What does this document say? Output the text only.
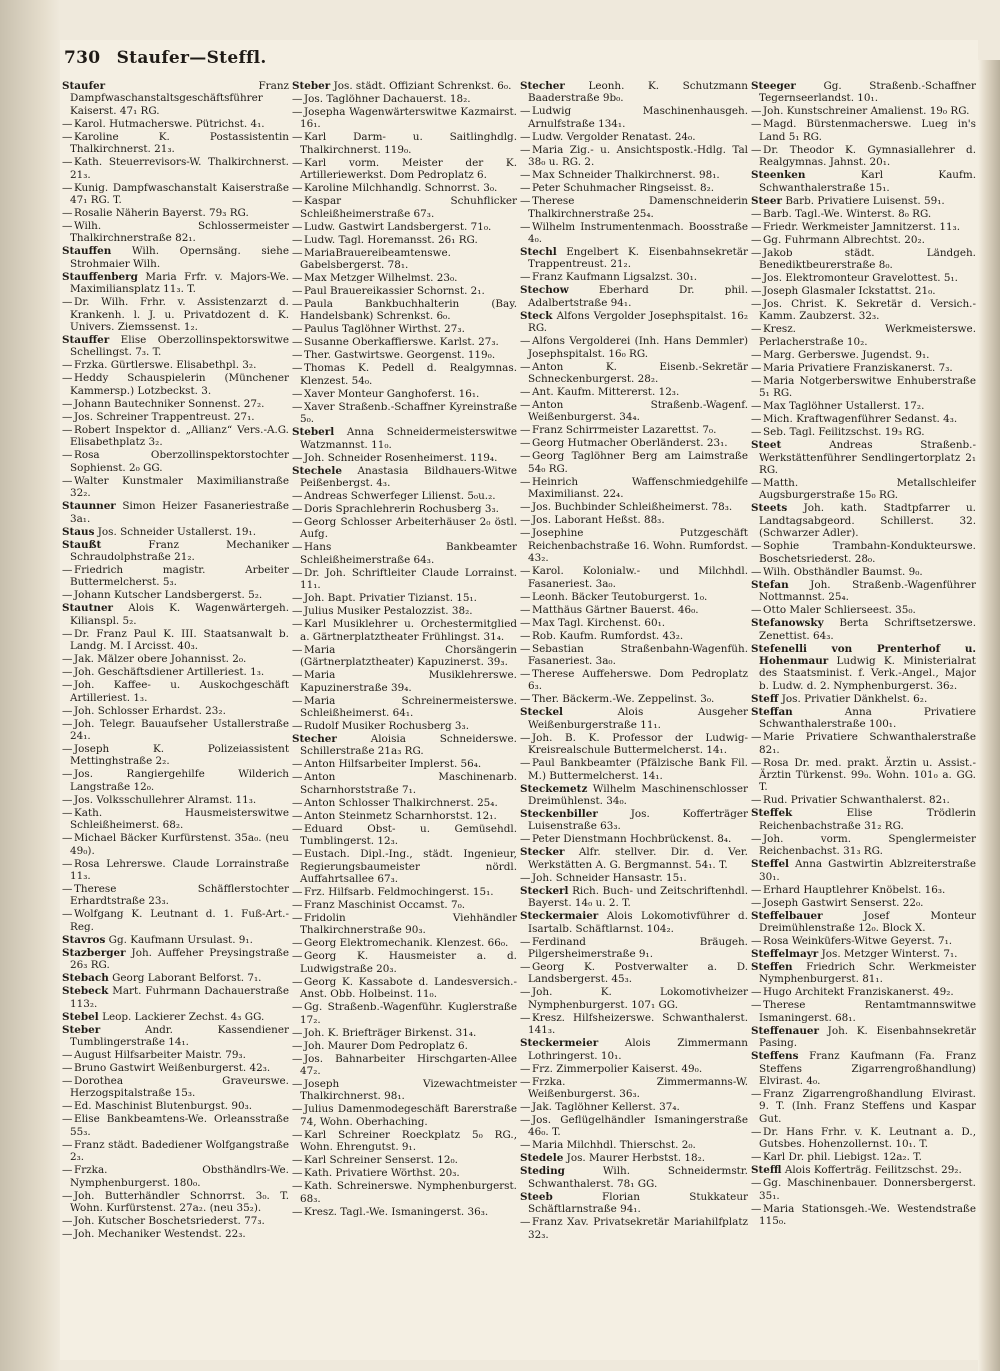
730 Staufer—Steffl.
Staufer	Franz Dampfwaschanstaltsgeschäftsführer Kaiserst. 47₁ RG.
— Karol. Hutmacherswe. Pütrichst. 4₁.
— Karoline K. Postassistentin Thalkirchnerst. 21₃.
— Kath. Steuerrevisors-W. Thalkirchnerst. 21₃.
— Kunig. Dampfwaschanstalt Kaiserstraße 47₁ RG. T.
— Rosalie Näherin Bayerst. 79₃ RG.
— Wilh. Schlossermeister Thalkirchnerstraße 82₁.
Stauffen Wilh. Opernsäng. siehe Strohmaier Wilh.
Stauffenberg Maria Frfr. v. Majors-We. Maximiliansplatz 11₃. T.
— Dr. Wilh. Frhr. v. Assistenzarzt d. Krankenh. l. J. u. Privatdozent d. K. Univers. Ziemssenst. 1₂.
Stauffer Elise Oberzollinspektorswitwe Schellingst. 7₃. T.
— Frzka. Gürtlerswe. Elisabethpl. 3₂.
— Heddy Schauspielerin (Münchener Kammersp.) Lotzbeckst. 3.
— Johann Bautechniker Sonnenst. 27₂.
— Jos. Schreiner Trappentreust. 27₁.
— Robert Inspektor d. „Allianz“ Vers.-A.G. Elisabethplatz 3₂.
— Rosa Oberzollinspektorstochter Sophienst. 2₀ GG.
— Walter Kunstmaler Maximilianstraße 32₂.
Staunner Simon Heizer Fasaneriestraße 3a₁.
Staus Jos. Schneider Ustallerst. 19₁.
Staußt	Franz Mechaniker Schraudolphstraße 21₂.
— Friedrich magistr. Arbeiter Buttermelcherst. 5₃.
— Johann Kutscher Landsbergerst. 5₂.
Stautner Alois K. Wagenwärtergeh. Kilianspl. 5₂.
— Dr. Franz Paul K. III. Staatsanwalt b. Landg. M. I Arcisst. 40₃.
— Jak. Mälzer obere Johannisst. 2₀.
— Joh. Geschäftsdiener Artilleriest. 1₃.
— Joh. Kaffee- u. Auskochgeschäft Artilleriest. 1₃.
— Joh. Schlosser Erhardst. 23₂.
— Joh. Telegr. Bauaufseher Ustallerstraße 24₁.
— Joseph K. Polizeiassistent Mettinghstraße 2₂.
— Jos. Rangiergehilfe Wilderich Langstraße 12₀.
— Jos. Volksschullehrer Alramst. 11₃.
— Kath. Hausmeisterswitwe Schleißheimerst. 68₂.
— Michael Bäcker Kurfürstenst. 35a₀. (neu 49₀).
— Rosa Lehrerswe. Claude Lorrainstraße 11₃.
— Therese Schäfflerstochter Erhardtstraße 23₃.
— Wolfgang K. Leutnant d. 1. Fuß-Art.-Reg.
Stavros Gg. Kaufmann Ursulast. 9₁.
Stazberger Joh. Auffeher Preysingstraße 26₃ RG.
Stebach Georg Laborant Belforst. 7₁.
Stebeck Mart. Fuhrmann Dachauerstraße 113₂.
Stebel Leop. Lackierer Zechst. 4₃ GG.
Steber	Andr. Kassendiener Tumblingerstraße 14₁.
— August Hilfsarbeiter Maistr. 79₃.
— Bruno Gastwirt Weißenburgerst. 42₃.
— Dorothea Graveurswe. Herzogspitalstraße 15₃.
— Ed. Maschinist Blutenburgst. 90₃.
— Elise Bankbeamtens-We. Orleansstraße 55₃.
— Franz städt. Badediener Wolfgangstraße 2₃.
— Frzka. Obsthändlrs-We. Nymphenburgerst. 180₀.
— Joh. Butterhändler Schnorrst. 3₀. T. Wohn. Kurfürstenst. 27a₂. (neu 35₂).
— Joh. Kutscher Boschetsriederst. 77₃.
— Joh. Mechaniker Westendst. 22₃.
Steber Jos. städt. Offiziant Schrenkst. 6₀.
— Jos. Taglöhner Dachauerst. 18₂.
— Josepha Wagenwärterswitwe Kazmairst. 16₁.
— Karl Darm- u. Saitlinghdlg. Thalkirchnerst. 119₀.
— Karl vorm. Meister der K. Artilleriewerkst. Dom Pedroplatz 6.
— Karoline Milchhandlg. Schnorrst. 3₀.
— Kaspar Schuhflicker Schleißheimerstraße 67₃.
— Ludw. Gastwirt Landsbergerst. 71₀.
— Ludw. Tagl. Horemansst. 26₁ RG.
— MariaBrauereibeamtenswe. Gabelsbergerst. 78₁.
— Max Metzger Wilhelmst. 23₀.
— Paul Brauereikassier Schornst. 2₁.
— Paula Bankbuchhalterin (Bay. Handelsbank) Schrenkst. 6₀.
— Paulus Taglöhner Wirthst. 27₃.
— Susanne Oberkaffierswe. Karlst. 27₃.
— Ther. Gastwirtswe. Georgenst. 119₀.
— Thomas K. Pedell d. Realgymnas. Klenzest. 54₀.
— Xaver Monteur Ganghoferst. 16₁.
— Xaver Straßenb.-Schaffner Kyreinstraße 5₀.
Steberl Anna Schneidermeisterswitwe Watzmannst. 11₀.
— Joh. Schneider Rosenheimerst. 119₄.
Stechele Anastasia Bildhauers-Witwe Peißenbergst. 4₃.
— Andreas Schwerfeger Lilienst. 5₀u.₂.
— Doris Sprachlehrerin Rochusberg 3₃.
— Georg Schlosser Arbeiterhäuser 2₀ östl. Aufg.
— Hans Bankbeamter Schleißheimerstraße 64₃.
— Dr. Joh. Schriftleiter Claude Lorrainst. 11₁.
— Joh. Bapt. Privatier Tizianst. 15₁.
— Julius Musiker Pestalozzist. 38₂.
— Karl Musiklehrer u. Orchestermitglied a. Gärtnerplatztheater Frühlingst. 31₄.
— Maria Chorsängerin (Gärtnerplatztheater) Kapuzinerst. 39₃.
— Maria Musiklehrerswe. Kapuzinerstraße 39₄.
— Maria Schreinermeisterswe. Schleißheimerst. 64₁.
— Rudolf Musiker Rochusberg 3₃.
Stecher	Aloisia Schneiderswe. Schillerstraße 21a₃ RG.
— Anton Hilfsarbeiter Implerst. 56₄.
— Anton Maschinenarb. Scharnhorststraße 7₁.
— Anton Schlosser Thalkirchnerst. 25₄.
— Anton Steinmetz Scharnhorstst. 12₁.
— Eduard Obst- u. Gemüsehdl. Tumblingerst. 12₃.
— Eustach. Dipl.-Ing., städt. Ingenieur, Regierungsbaumeister nördl. Auffahrtsallee 67₃.
— Frz. Hilfsarb. Feldmochingerst. 15₁.
— Franz Maschinist Occamst. 7₀.
— Fridolin Viehhändler Thalkirchnerstraße 90₃.
— Georg Elektromechanik. Klenzest. 66₀.
— Georg K. Hausmeister a. d. Ludwigstraße 20₃.
— Georg K. Kassabote d. Landesversich.-Anst. Obb. Holbeinst. 11₀.
— Gg. Straßenb.-Wagenführ. Kuglerstraße 17₂.
— Joh. K. Briefträger Birkenst. 31₄.
— Joh. Maurer Dom Pedroplatz 6.
— Jos. Bahnarbeiter Hirschgarten-Allee 47₂.
— Joseph Vizewachtmeister Thalkirchnerst. 98₁.
— Julius Damenmodegeschäft Barerstraße 74, Wohn. Oberhaching.
— Karl Schreiner Roeckplatz 5₀ RG., Wohn. Ehrengutst. 9₁.
— Karl Schreiner Senserst. 12₀.
— Kath. Privatiere Wörthst. 20₃.
— Kath. Schreinerswe. Nymphenburgerst. 68₃.
— Kresz. Tagl.-We. Ismaningerst. 36₃.
Stecher Leonh. K. Schutzmann Baaderstraße 9b₀.
— Ludwig Maschinenhausgeh. Arnulfstraße 134₁.
— Ludw. Vergolder Renatast. 24₀.
— Maria Zig.- u. Ansichtspostk.-Hdlg. Tal 38₀ u. RG. 2.
— Max Schneider Thalkirchnerst. 98₁.
— Peter Schuhmacher Ringseisst. 8₂.
— Therese Damenschneiderin Thalkirchnerstraße 25₄.
— Wilhelm Instrumentenmach. Boosstraße 4₀.
Stechl Engelbert K. Eisenbahnsekretär Trappentreust. 21₂.
— Franz Kaufmann Ligsalzst. 30₁.
Stechow	Eberhard Dr. phil. Adalbertstraße 94₁.
Steck Alfons Vergolder Josephspitalst. 16₂ RG.
— Alfons Vergolderei (Inh. Hans Demmler) Josephspitalst. 16₀ RG.
— Anton K. Eisenb.-Sekretär Schneckenburgerst. 28₂.
— Ant. Kaufm. Mittererst. 12₃.
— Anton Straßenb.-Wagenf. Weißenburgerst. 34₄.
— Franz Schirrmeister Lazarettst. 7₀.
— Georg Hutmacher Oberländerst. 23₁.
— Georg Taglöhner Berg am Laimstraße 54₀ RG.
— Heinrich Waffenschmiedgehilfe Maximilianst. 22₄.
— Jos. Buchbinder Schleißheimerst. 78₃.
— Jos. Laborant Heßst. 88₃.
— Josephine Putzgeschäft Reichenbachstraße 16. Wohn. Rumfordst. 43₂.
— Karol. Kolonialw.- und Milchhdl. Fasaneriest. 3a₀.
— Leonh. Bäcker Teutoburgerst. 1₀.
— Matthäus Gärtner Bauerst. 46₀.
— Max Tagl. Kirchenst. 60₁.
— Rob. Kaufm. Rumfordst. 43₂.
— Sebastian Straßenbahn-Wagenfüh. Fasaneriest. 3a₀.
— Therese Auffeherswe. Dom Pedroplatz 6₃.
— Ther. Bäckerm.-We. Zeppelinst. 3₀.
Steckel	Alois Ausgeher Weißenburgerstraße 11₁.
— Joh. B. K. Professor der Ludwig-Kreisrealschule Buttermelcherst. 14₁.
— Paul Bankbeamter (Pfälzische Bank Fil. M.) Buttermelcherst. 14₁.
Steckemetz Wilhelm Maschinenschlosser Dreimühlenst. 34₀.
Steckenbiller	Jos. Kofferträger Luisenstraße 63₃.
— Peter Dienstmann Hochbrückenst. 8₄.
Stecker Alfr. stellver. Dir. d. Ver. Werkstätten A. G. Bergmannst. 54₁. T.
— Joh. Schneider Hansastr. 15₁.
Steckerl Rich. Buch- und Zeitschriftenhdl. Bayerst. 14₀ u. 2. T.
Steckermaier Alois Lokomotivführer d. Isartalb. Schäftlarnst. 104₂.
— Ferdinand Bräugeh. Pilgersheimerstraße 9₁.
— Georg K. Postverwalter a. D. Landsbergerst. 45₃.
— Joh. K. Lokomotivheizer Nymphenburgerst. 107₁ GG.
— Kresz. Hilfsheizerswe. Schwanthalerst. 141₃.
Steckermeier	Alois Zimmermann Lothringerst. 10₁.
— Frz. Zimmerpolier Kaiserst. 49₀.
— Frzka. Zimmermanns-W. Weißenburgerst. 36₃.
— Jak. Taglöhner Kellerst. 37₄.
— Jos. Geflügelhändler Ismaningerstraße 46₀. T.
— Maria Milchhdl. Thierschst. 2₀.
Stedele Jos. Maurer Herbstst. 18₂.
Steding	Wilh. Schneidermstr. Schwanthalerst. 78₁ GG.
Steeb	Florian Stukkateur Schäftlarnstraße 94₁.
— Franz Xav. Privatsekretär Mariahilfplatz 32₃.
Steeger	Gg. Straßenb.-Schaffner Tegernseerlandst. 10₁.
— Joh. Kunstschreiner Amalienst. 19₀ RG.
— Magd. Bürstenmacherswe. Lueg in's Land 5₁ RG.
— Dr. Theodor K. Gymnasiallehrer d. Realgymnas. Jahnst. 20₁.
Steenken	Karl Kaufm. Schwanthalerstraße 15₁.
Steer Barb. Privatiere Luisenst. 59₁.
— Barb. Tagl.-We. Winterst. 8₀ RG.
— Friedr. Werkmeister Jamnitzerst. 11₃.
— Gg. Fuhrmann Albrechtst. 20₂.
— Jakob städt. Ländgeh. Benediktbeurerstraße 8₀.
— Jos. Elektromonteur Gravelottest. 5₁.
— Joseph Glasmaler Ickstattst. 21₀.
— Jos. Christ. K. Sekretär d. Versich.-Kamm. Zaubzerst. 32₃.
— Kresz. Werkmeisterswe. Perlacherstraße 10₂.
— Marg. Gerberswe. Jugendst. 9₁.
— Maria Privatiere Franziskanerst. 7₃.
— Maria Notgerberswitwe Enhuberstraße 5₁ RG.
— Max Taglöhner Ustallerst. 17₂.
— Mich. Kraftwagenführer Sedanst. 4₃.
— Seb. Tagl. Feilitzschst. 19₃ RG.
Steet	Andreas Straßenb.-Werkstättenführer Sendlingertorplatz 2₁ RG.
— Matth. Metallschleifer Augsburgerstraße 15₀ RG.
Steets Joh. kath. Stadtpfarrer u. Landtagsabgeord. Schillerst. 32. (Schwarzer Adler).
— Sophie Trambahn-Kondukteurswe. Boschetsriederst. 28₀.
— Wilh. Obsthändler Baumst. 9₀.
Stefan Joh. Straßenb.-Wagenführer Nottmannst. 25₄.
— Otto Maler Schlierseest. 35₀.
Stefanowsky Berta Schriftsetzerswe. Zenettist. 64₃.
Stefenelli von Prenterhof u. Hohenmaur Ludwig K. Ministerialrat des Staatsminist. f. Verk.-Angel., Major b. Ludw. d. 2. Nymphenburgerst. 36₂.
Steff Jos. Privatier Dänkhelst. 6₂.
Steffan	Anna Privatiere Schwanthalerstraße 100₁.
— Marie Privatiere Schwanthalerstraße 82₁.
— Rosa Dr. med. prakt. Ärztin u. Assist.-Ärztin Türkenst. 99₀. Wohn. 101₀ a. GG. T.
— Rud. Privatier Schwanthalerst. 82₁.
Steffek	Elise Trödlerin Reichenbachstraße 31₂ RG.
— Joh. vorm. Spenglermeister Reichenbachst. 31₃ RG.
Steffel Anna Gastwirtin Ablzreiterstraße 30₁.
— Erhard Hauptlehrer Knöbelst. 16₃.
— Joseph Gastwirt Senserst. 22₀.
Steffelbauer	Josef Monteur Dreimühlenstraße 12₀. Block X.
— Rosa Weinküfers-Witwe Geyerst. 7₁.
Steffelmayr Jos. Metzger Winterst. 7₁.
Steffen Friedrich Schr. Werkmeister Nymphenburgerst. 81₁.
— Hugo Architekt Franziskanerst. 49₂.
— Therese Rentamtmannswitwe Ismaningerst. 68₁.
Steffenauer Joh. K. Eisenbahnsekretär Pasing.
Steffens Franz Kaufmann (Fa. Franz Steffens Zigarrengroßhandlung) Elvirast. 4₀.
— Franz Zigarrengroßhandlung Elvirast. 9. T. (Inh. Franz Steffens und Kaspar Gut.
— Dr. Hans Frhr. v. K. Leutnant a. D., Gutsbes. Hohenzollernst. 10₁. T.
— Karl Dr. phil. Liebigst. 12a₂. T.
Steffl Alois Kofferträg. Feilitzschst. 29₂.
— Gg. Maschinenbauer. Donnersbergerst. 35₁.
— Maria Stationsgeh.-We. Westendstraße 115₀.
